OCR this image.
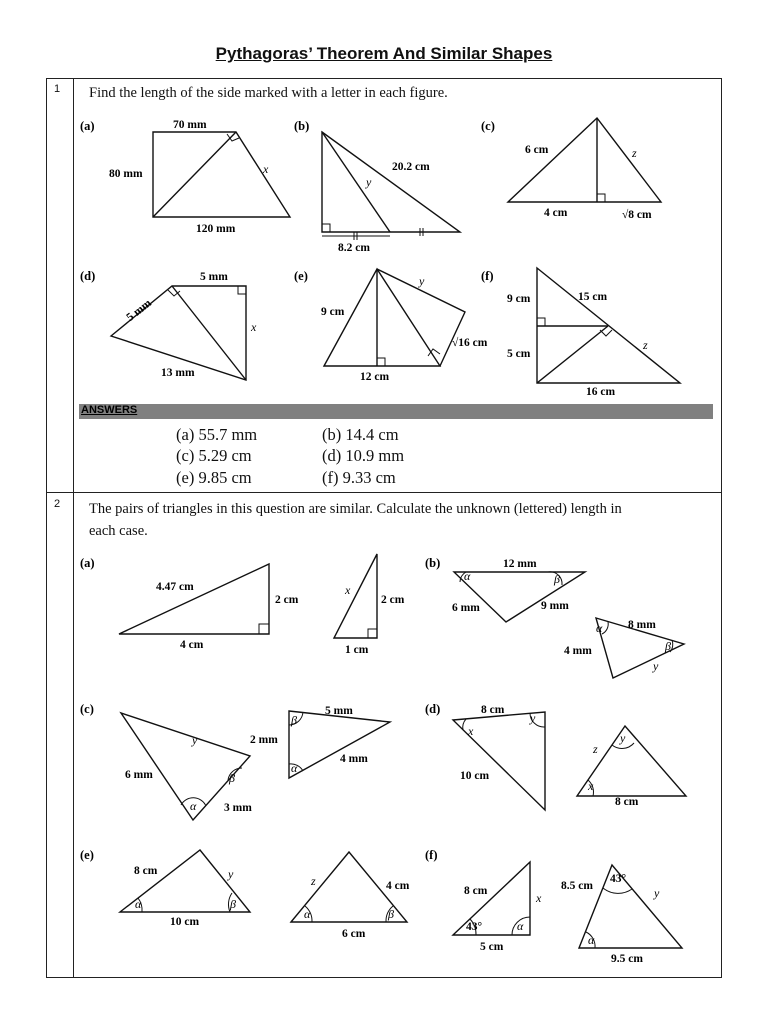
Pythagoras’ Theorem And Similar Shapes
1 Find the length of the side marked with a letter in each figure.
(a)	(b)	(c)
(d)	(e)	(f)
70 mm
80 mm
120 mm
x	20.2 cm
y
8.2 cm
6 cm	z
4 cm	√8 cm
5 mm
5 mm
x
13 mm
9 cm
y
12 cm
√16 cm
9 cm	15 cm
5 cm
z
16 cm
ANSWERS
(a) 55.7 mm	(b) 14.4 cm
(c) 5.29 cm	(d) 10.9 mm
(e) 9.85 cm	(f) 9.33 cm
2 The pairs of triangles in this question are similar. Calculate the unknown (lettered) length in
each case.
(a)	(b)
(c)	(d)
(e)	(f)
4.47 cm
2 cm
4 cm
x
2 cm
1 cm
12 mm
α	β
6 mm	9 mm
8 mm
α
4 mm	β
y
y
6 mm	β
α 3 mm
5 mm
2 mm
β
α
4 mm
8 cm
x
y
10 cm
z
y
x
8 cm
8 cm	y
α	β
10 cm
z	4 cm
α	β
6 cm
8 cm	x
43°	α
5 cm
8.5 cm
43°
y
α
9.5 cm
